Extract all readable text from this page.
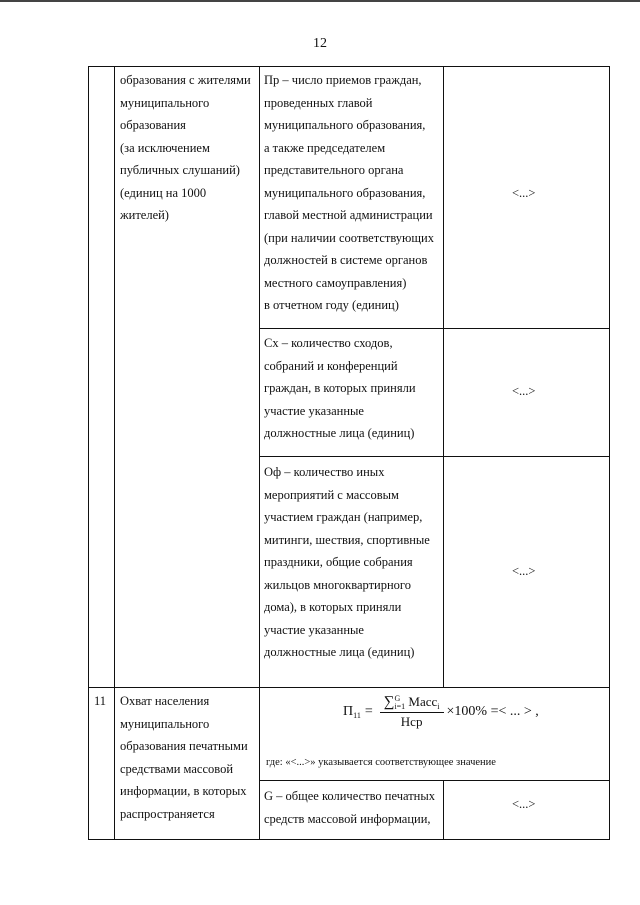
12
образования с жителями
муниципального
образования
(за исключением
публичных слушаний)
(единиц на 1000
жителей)
Пр – число приемов граждан,
проведенных главой
муниципального образования,
а также председателем
представительного органа
муниципального образования,
главой местной администрации
(при наличии соответствующих
должностей в системе органов
местного самоуправления)
в отчетном году (единиц)
<...>
Сх – количество сходов,
собраний и конференций
граждан, в которых приняли
участие указанные
должностные лица (единиц)
<...>
Оф – количество иных
мероприятий с массовым
участием граждан (например,
митинги, шествия, спортивные
праздники, общие собрания
жильцов многоквартирного
дома), в которых приняли
участие указанные
должностные лица (единиц)
<...>
11 Охват населения
муниципального
образования печатными
средствами массовой
информации, в которых
распространяется
$П_{11}$ = ∑ G
i=1 Масс$_i$
Нср ×100% =< ... > ,
где: «<...>» указывается соответствующее значение
G – общее количество печатных
средств массовой информации,
<...>
